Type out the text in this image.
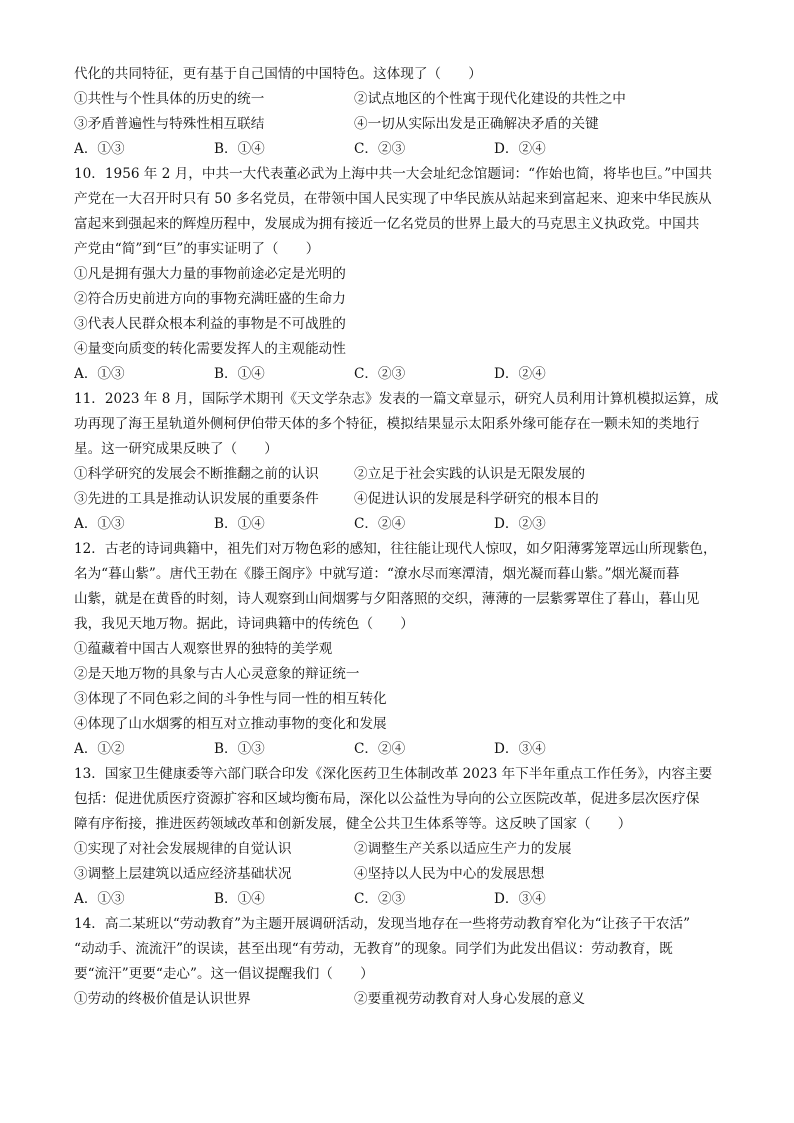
代化的共同特征，更有基于自己国情的中国特色。这体现了（　　）
①共性与个性具体的历史的统一	②试点地区的个性寓于现代化建设的共性之中
③矛盾普遍性与特殊性相互联结	④一切从实际出发是正确解决矛盾的关键
A．①③	B．①④	C．②③	D．②④
10．1956 年 2 月，中共一大代表董必武为上海中共一大会址纪念馆题词：“作始也简，将毕也巨。”中国共
产党在一大召开时只有 50 多名党员，在带领中国人民实现了中华民族从站起来到富起来、迎来中华民族从
富起来到强起来的辉煌历程中，发展成为拥有接近一亿名党员的世界上最大的马克思主义执政党。中国共
产党由“简”到“巨”的事实证明了（　　）
①凡是拥有强大力量的事物前途必定是光明的
②符合历史前进方向的事物充满旺盛的生命力
③代表人民群众根本利益的事物是不可战胜的
④量变向质变的转化需要发挥人的主观能动性
A．①③	B．①④	C．②③	D．②④
11．2023 年 8 月，国际学术期刊《天文学杂志》发表的一篇文章显示，研究人员利用计算机模拟运算，成
功再现了海王星轨道外侧柯伊伯带天体的多个特征，模拟结果显示太阳系外缘可能存在一颗未知的类地行
星。这一研究成果反映了（　　）
①科学研究的发展会不断推翻之前的认识	②立足于社会实践的认识是无限发展的
③先进的工具是推动认识发展的重要条件	④促进认识的发展是科学研究的根本目的
A．①③	B．①④	C．②④	D．②③
12．古老的诗词典籍中，祖先们对万物色彩的感知，往往能让现代人惊叹，如夕阳薄雾笼罩远山所现紫色，
名为“暮山紫”。唐代王勃在《滕王阁序》中就写道：“潦水尽而寒潭清，烟光凝而暮山紫。”烟光凝而暮
山紫，就是在黄昏的时刻，诗人观察到山间烟雾与夕阳落照的交织，薄薄的一层紫雾罩住了暮山，暮山见
我，我见天地万物。据此，诗词典籍中的传统色（　　）
①蕴藏着中国古人观察世界的独特的美学观
②是天地万物的具象与古人心灵意象的辩证统一
③体现了不同色彩之间的斗争性与同一性的相互转化
④体现了山水烟雾的相互对立推动事物的变化和发展
A．①②	B．①③	C．②④	D．③④
13．国家卫生健康委等六部门联合印发《深化医药卫生体制改革 2023 年下半年重点工作任务》，内容主要
包括：促进优质医疗资源扩容和区域均衡布局，深化以公益性为导向的公立医院改革，促进多层次医疗保
障有序衔接，推进医药领域改革和创新发展，健全公共卫生体系等等。这反映了国家（　　）
①实现了对社会发展规律的自觉认识	②调整生产关系以适应生产力的发展
③调整上层建筑以适应经济基础状况	④坚持以人民为中心的发展思想
A．①③	B．①④	C．②③	D．③④
14．高二某班以“劳动教育”为主题开展调研活动，发现当地存在一些将劳动教育窄化为“让孩子干农活”
“动动手、流流汗”的误读，甚至出现“有劳动，无教育”的现象。同学们为此发出倡议：劳动教育，既
要“流汗”更要“走心”。这一倡议提醒我们（　　）
①劳动的终极价值是认识世界	②要重视劳动教育对人身心发展的意义
